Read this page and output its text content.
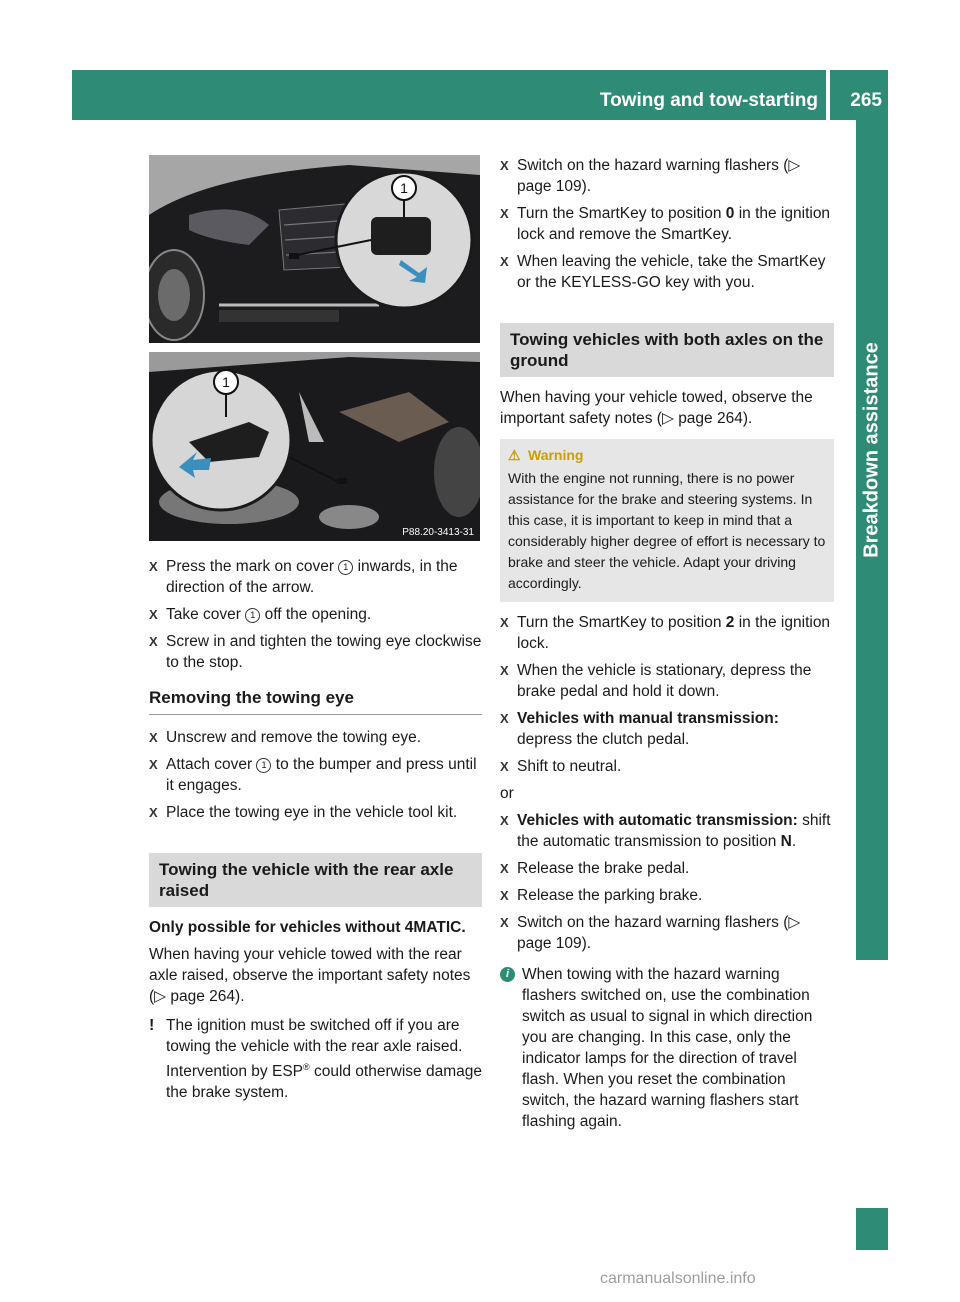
Towing and tow-starting 265
Breakdown assistance
1
1
P88.20-3413-31
X Press the mark on cover 1 inwards, in the direction of the arrow.
X Take cover 1 off the opening.
X Screw in and tighten the towing eye clockwise to the stop.
Removing the towing eye
X Unscrew and remove the towing eye.
X Attach cover 1 to the bumper and press until it engages.
X Place the towing eye in the vehicle tool kit.
Towing the vehicle with the rear axle raised

Only possible for vehicles without 4MATIC.

When having your vehicle towed with the rear axle raised, observe the important safety notes (▷ page 264).

! The ignition must be switched off if you are towing the vehicle with the rear axle raised. Intervention by ESP® could otherwise damage the brake system.
X Switch on the hazard warning flashers (▷ page 109).
X Turn the SmartKey to position 0 in the ignition lock and remove the SmartKey.
X When leaving the vehicle, take the SmartKey or the KEYLESS-GO key with you.
Towing vehicles with both axles on the ground

When having your vehicle towed, observe the important safety notes (▷ page 264).

⚠ Warning
With the engine not running, there is no power assistance for the brake and steering systems. In this case, it is important to keep in mind that a considerably higher degree of effort is necessary to brake and steer the vehicle. Adapt your driving accordingly.
X Turn the SmartKey to position 2 in the ignition lock.
X When the vehicle is stationary, depress the brake pedal and hold it down.
X Vehicles with manual transmission: depress the clutch pedal.
X Shift to neutral.

or

X Vehicles with automatic transmission: shift the automatic transmission to position N.
X Release the brake pedal.
X Release the parking brake.
X Switch on the hazard warning flashers (▷ page 109).
i When towing with the hazard warning flashers switched on, use the combination switch as usual to signal in which direction you are changing. In this case, only the indicator lamps for the direction of travel flash. When you reset the combination switch, the hazard warning flashers start flashing again.
carmanualsonline.info
